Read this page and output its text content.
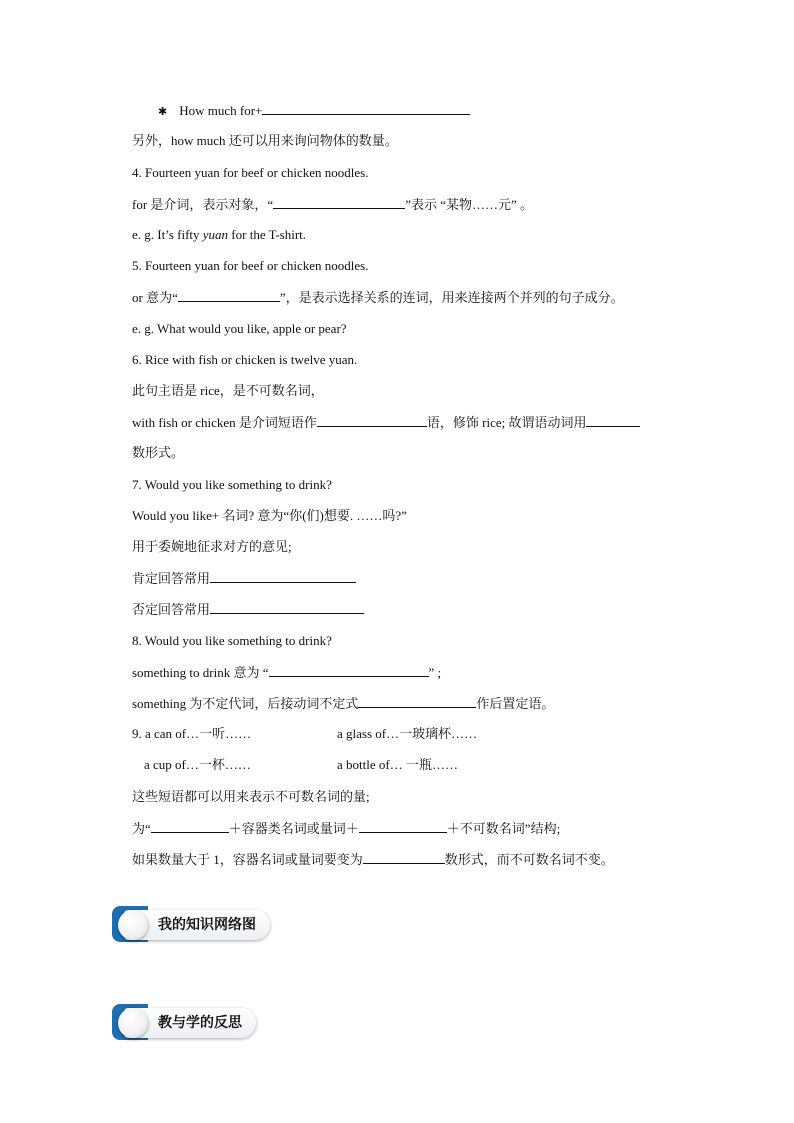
✱ How much for+
另外，how much 还可以用来询问物体的数量。
4. Fourteen yuan for beef or chicken noodles.
for 是介词，表示对象，“	”表示 “某物……元” 。
e. g. It’s fifty yuan for the T-shirt.
5. Fourteen yuan for beef or chicken noodles.
or 意为“	”，是表示选择关系的连词，用来连接两个并列的句子成分。
e. g. What would you like, apple or pear?
6. Rice with fish or chicken is twelve yuan.
此句主语是 rice，是不可数名词，
with fish or chicken 是介词短语作	语，修饰 rice; 故谓语动词用
数形式。
7. Would you like something to drink?
Would you like+ 名词? 意为“你(们)想要. ……吗?”
用于委婉地征求对方的意见;
肯定回答常用
否定回答常用
8. Would you like something to drink?
something to drink 意为 “	” ;
something 为不定代词，后接动词不定式	作后置定语。
9. a can of…一听……	a glass of…一玻璃杯……
a cup of…一杯……	a bottle of… 一瓶……
这些短语都可以用来表示不可数名词的量;
为“	＋容器类名词或量词＋	＋不可数名词”结构;
如果数量大于 1，容器名词或量词要变为	数形式，而不可数名词不变。
我的知识网络图
教与学的反思
